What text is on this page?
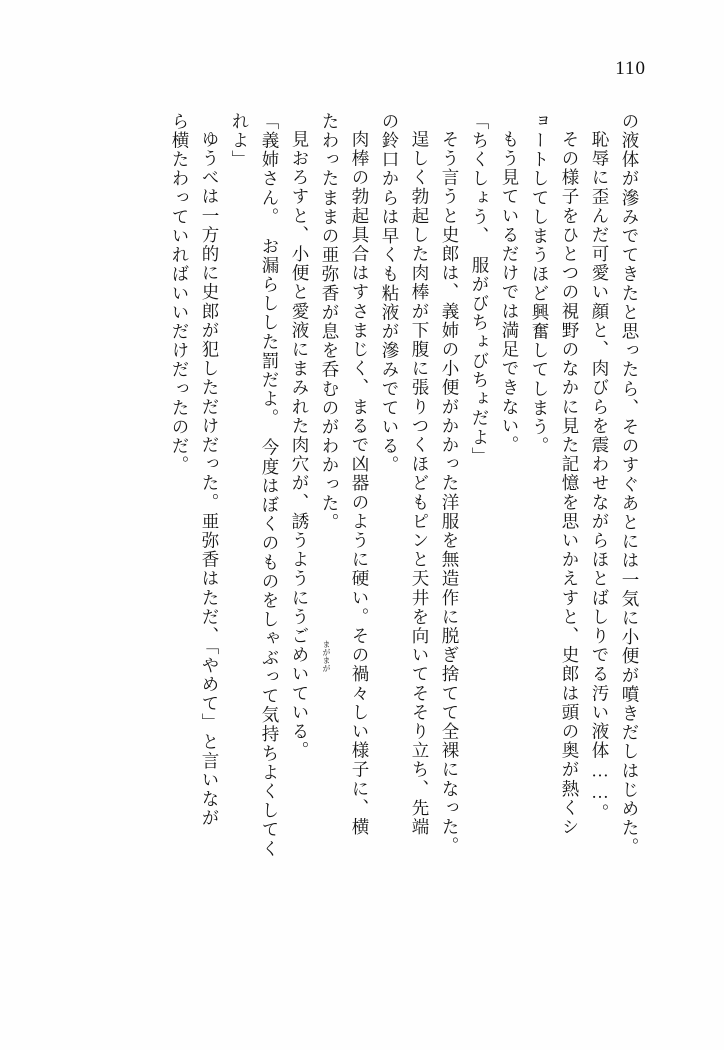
110
の液体が滲みでてきたと思ったら、そのすぐあとには一気に小便が噴きだしはじめた。
恥辱に歪んだ可愛い顔と、肉びらを震わせながらほとばしりでる汚い液体……。
その様子をひとつの視野のなかに見た記憶を思いかえすと、史郎は頭の奥が熱くシ
ョートしてしまうほど興奮してしまう。
もう見ているだけでは満足できない。
「ちくしょう、　服がびちょびちょだよ」
そう言うと史郎は、義姉の小便がかかった洋服を無造作に脱ぎ捨てて全裸になった。
逞しく勃起した肉棒が下腹に張りつくほどもピンと天井を向いてそそり立ち、先端
の鈴口からは早くも粘液が滲みでている。
肉棒の勃起具合はすさまじく、まるで凶器のように硬い。その禍々しい様子に、横
たわったままの亜弥香が息を呑むのがわかった。
見おろすと、小便と愛液にまみれた肉穴が、誘うようにうごめいている。
「義姉さん。　お漏らしした罰だよ。　今度はぼくのものをしゃぶって気持ちよくしてく
れよ」
ゆうべは一方的に史郎が犯しただけだった。亜弥香はただ、「やめて」と言いなが
ら横たわっていればいいだけだったのだ。
まがまが
